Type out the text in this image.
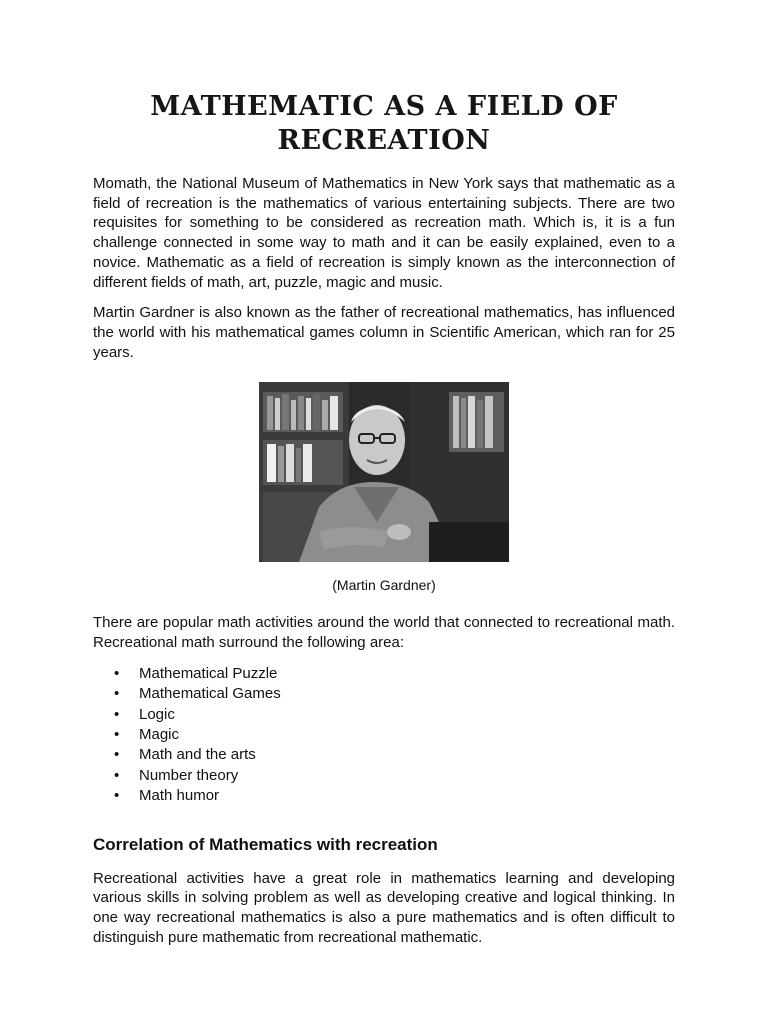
MATHEMATIC AS A FIELD OF RECREATION

Momath, the National Museum of Mathematics in New York says that mathematic as a field of recreation is the mathematics of various entertaining subjects. There are two requisites for something to be considered as recreation math. Which is, it is a fun challenge connected in some way to math and it can be easily explained, even to a novice. Mathematic as a field of recreation is simply known as the interconnection of different fields of math, art, puzzle, magic and music.

Martin Gardner is also known as the father of recreational mathematics, has influenced the world with his mathematical games column in Scientific American, which ran for 25 years.

(Martin Gardner)

There are popular math activities around the world that connected to recreational math. Recreational math surround the following area:

• Mathematical Puzzle
• Mathematical Games
• Logic
• Magic
• Math and the arts
• Number theory
• Math humor
Correlation of Mathematics with recreation

Recreational activities have a great role in mathematics learning and developing various skills in solving problem as well as developing creative and logical thinking. In one way recreational mathematics is also a pure mathematics and is often difficult to distinguish pure mathematic from recreational mathematic.
